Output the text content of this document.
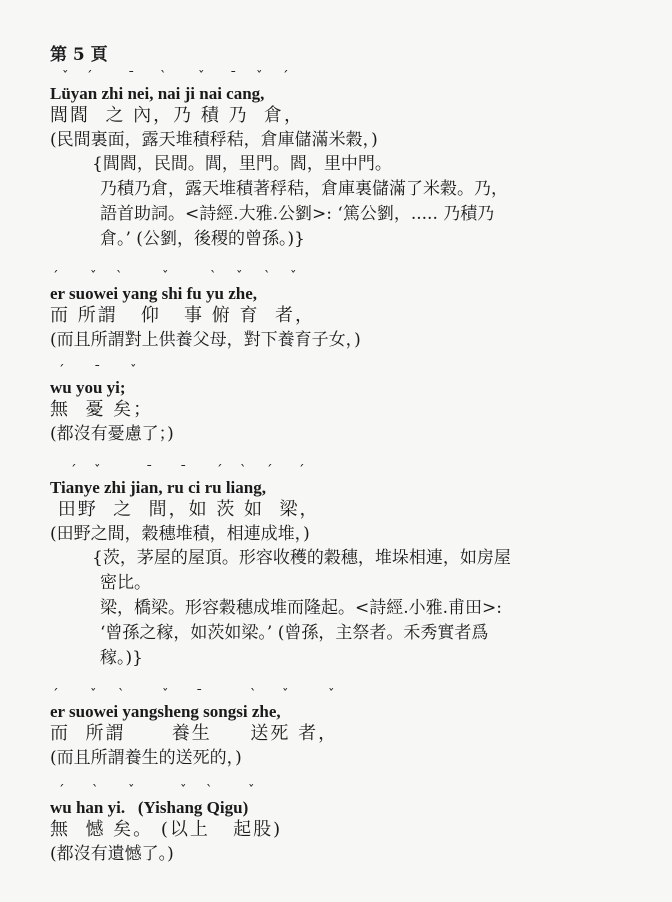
第 5 頁
ˇ ˊ	ˉ ˋ ˇ ˉ ˇ ˊ
Lüyan zhi nei, nai ji nai cang,
閭閻  之 內，乃 積 乃  倉，
(民間裏面，露天堆積稃秸，倉庫儲滿米穀，)
{閭閻，民間。閭，里門。閻，里中門。
乃積乃倉，露天堆積著稃秸，倉庫裏儲滿了米穀。乃，
語首助詞。<詩經.大雅.公劉>: ‘篤公劉，..... 乃積乃
倉。’ (公劉，後稷的曾孫。)}
ˊ ˇ ˋ	ˇ	ˋ ˇ ˋ ˇ
er suowei yang shi fu yu zhe,
而 所謂   仰   事 俯 育  者，
(而且所謂對上供養父母，對下養育子女，)
ˊ ˉ ˇ
wu you yi;
無  憂 矣；
(都沒有憂慮了；)
ˊ ˇ	ˉ ˉ ˊ ˋ ˊ ˊ
Tianye zhi jian, ru ci ru liang,
田野  之  間，如 茨 如  梁，
(田野之間，穀穗堆積，相連成堆，)
{茨，茅屋的屋頂。形容收穫的穀穗，堆垛相連，如房屋
密比。
梁，橋梁。形容穀穗成堆而隆起。<詩經.小雅.甫田>:
‘曾孫之稼，如茨如梁。’ (曾孫，主祭者。禾秀實者爲
稼。)}
ˊ ˇ ˋ	ˇ ˉ	ˋ ˇ	ˇ
er suowei yangsheng songsi zhe,
而  所謂      養生     送死 者，
(而且所謂養生的送死的，)
ˊ ˋ ˇ	ˇ ˋ	ˇ
wu han yi.   (Yishang Qigu)
無  憾 矣。 (以上   起股)
(都沒有遺憾了。)
